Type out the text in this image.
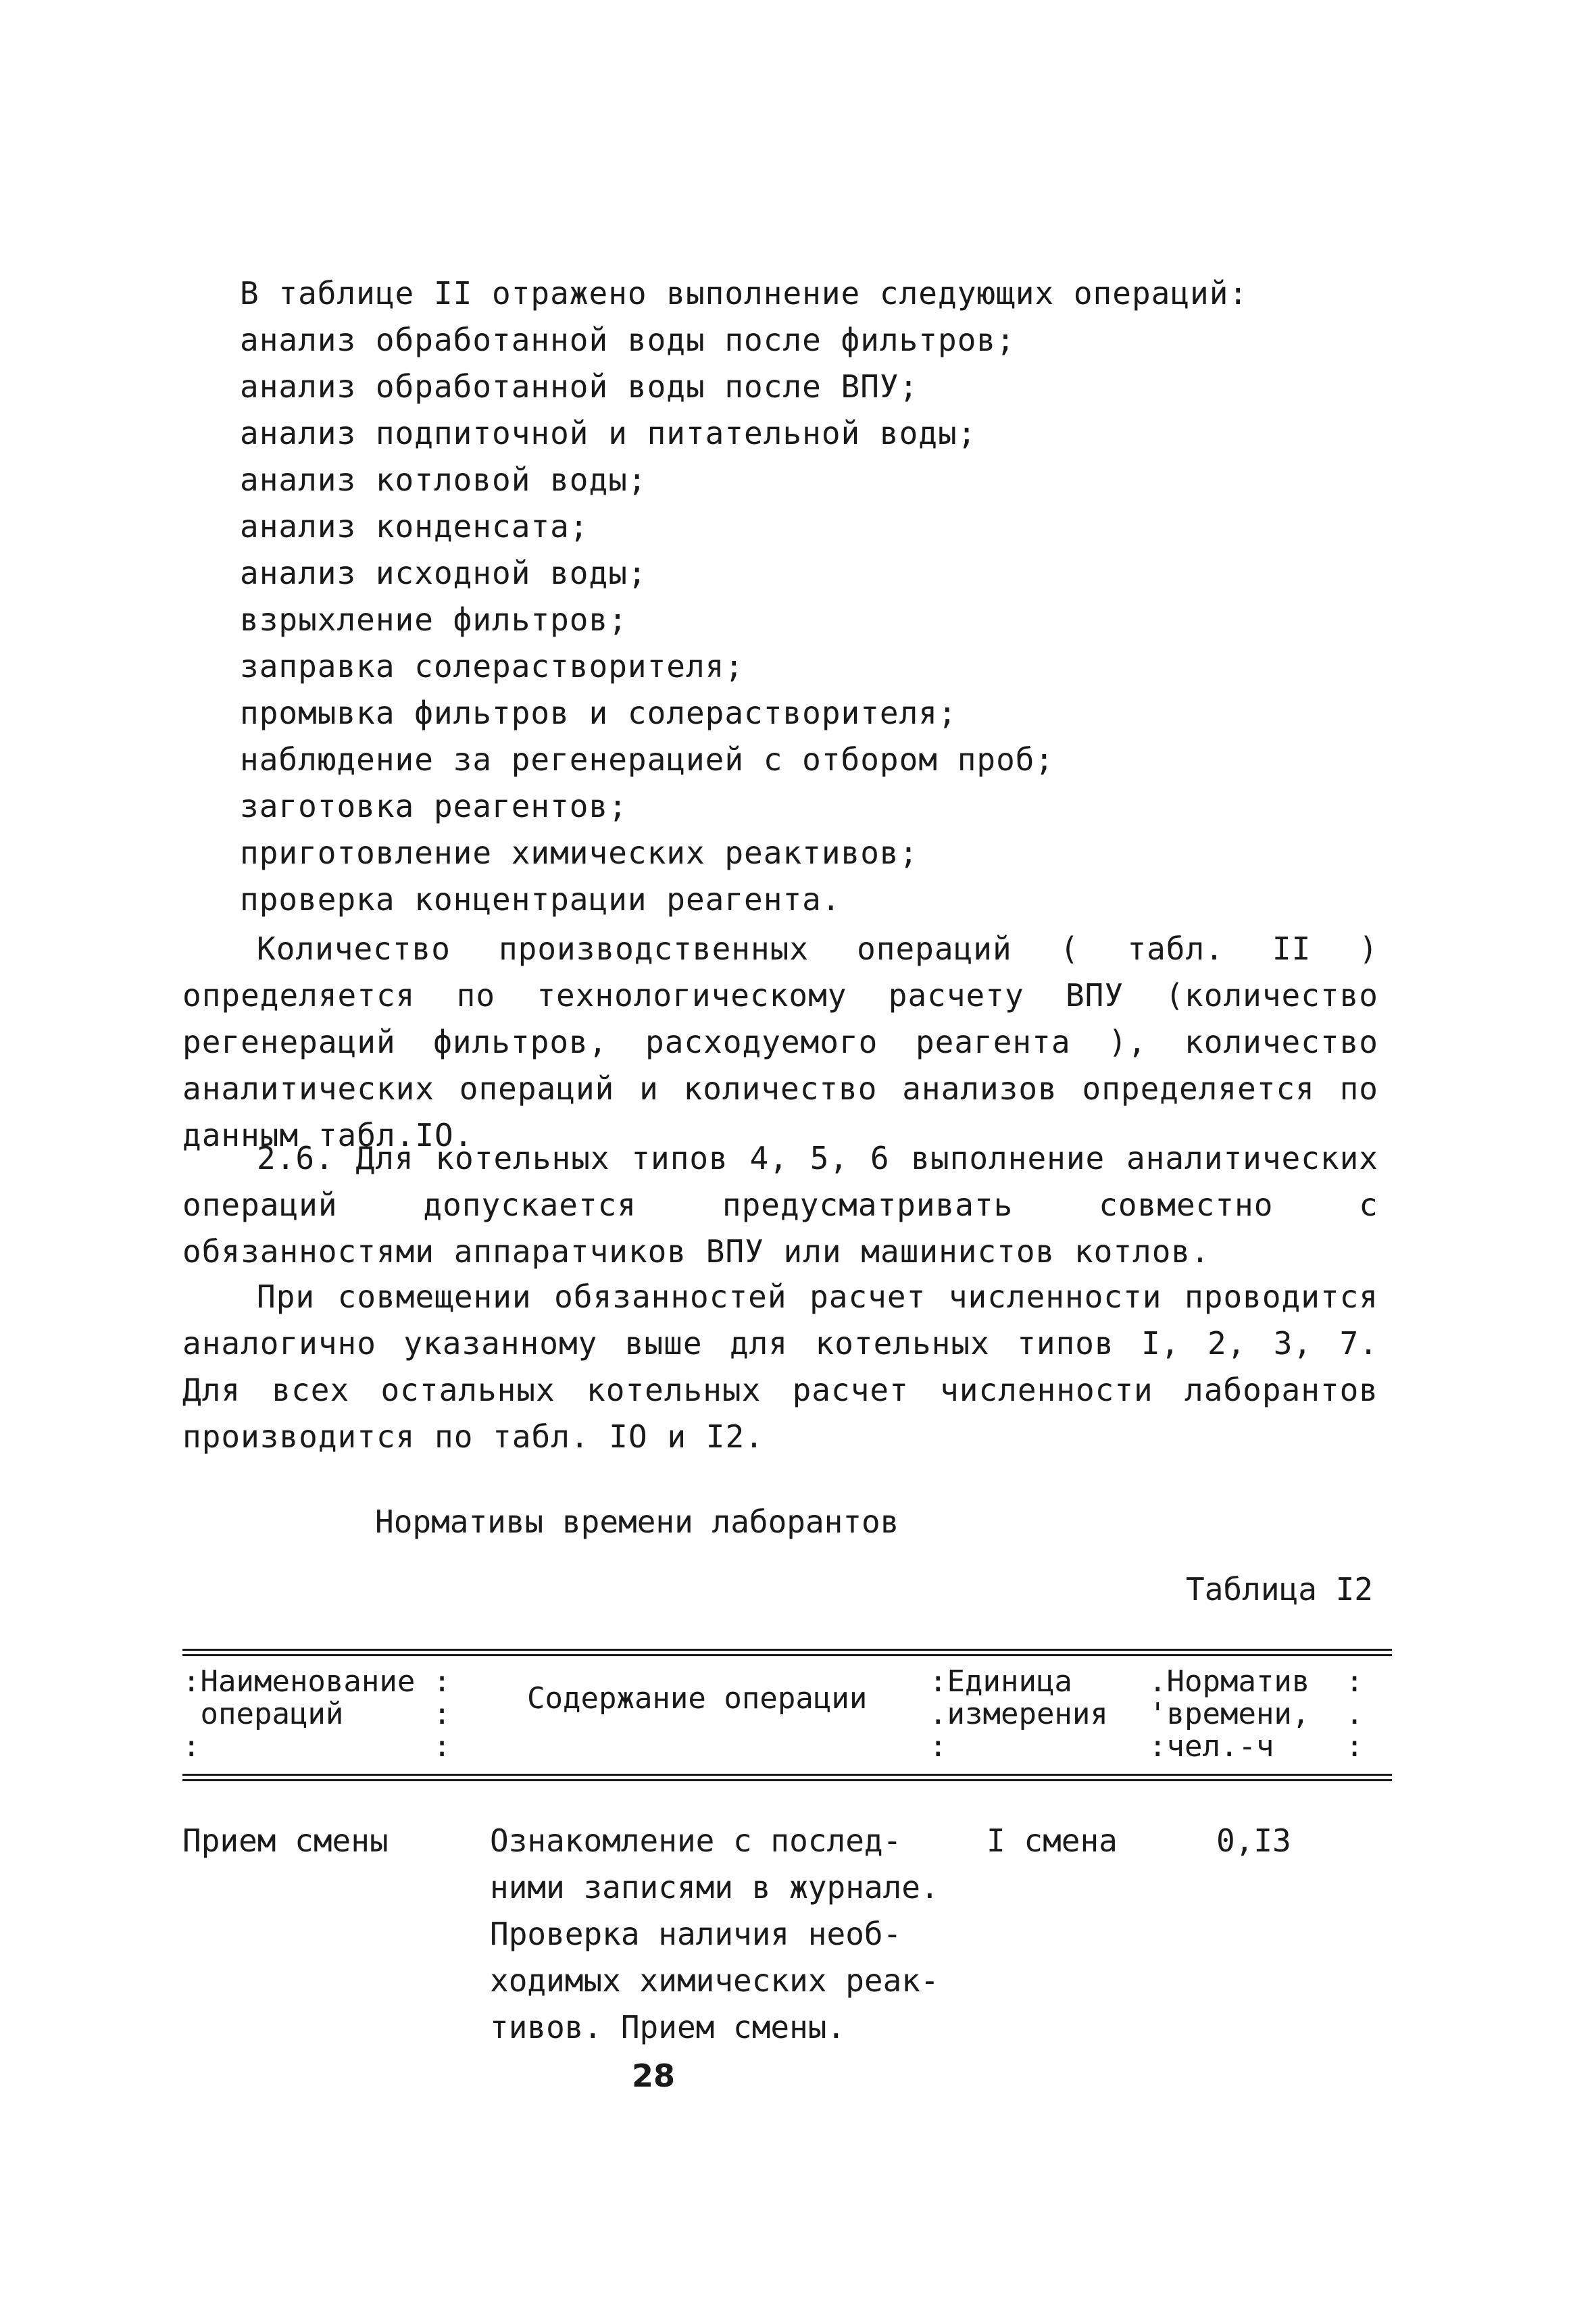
В таблице II отражено выполнение следующих операций:
анализ обработанной воды после фильтров;
анализ обработанной воды после ВПУ;
анализ подпиточной и питательной воды;
анализ котловой воды;
анализ конденсата;
анализ исходной воды;
взрыхление фильтров;
заправка солерастворителя;
промывка фильтров и солерастворителя;
наблюдение за регенерацией с отбором проб;
заготовка реагентов;
приготовление химических реактивов;
проверка концентрации реагента.
Количество производственных операций ( табл. II ) определяется по технологическому расчету ВПУ (количество регенераций фильтров, расходуемого реагента ), количество аналитических операций и количество анализов определяется по данным табл.IO.
2.6. Для котельных типов 4, 5, 6 выполнение аналитических операций допускается предусматривать совместно с обязанностями аппаратчиков ВПУ или машинистов котлов.
При совмещении обязанностей расчет численности проводится аналогично указанному выше для котельных типов I, 2, 3, 7. Для всех остальных котельных расчет численности лаборантов производится по табл. IO и I2.
Нормативы времени лаборантов
Таблица I2
:Наименование :
операций     :
:             :
Содержание операции :Единица
.измерения
:
.Норматив  :
'времени,  .
:чел.-ч    :
Прием смены	Ознакомление с послед-
ними записями в журнале.
Проверка наличия необ-
ходимых химических реак-
тивов. Прием смены.
I смена	0,I3
28
